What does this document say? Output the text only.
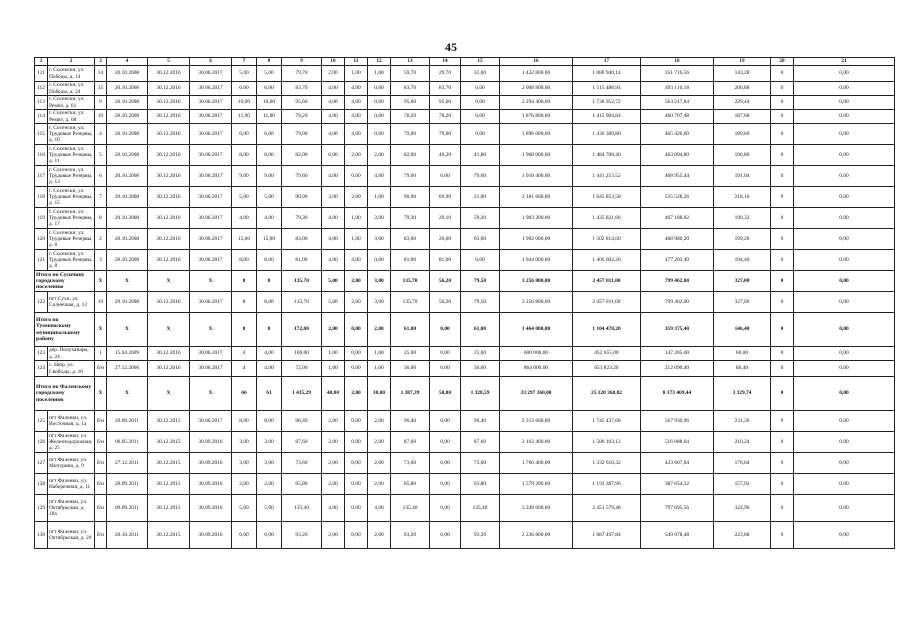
45
1	2	3	4	5	6	7	8	9	10	11	12	13	14	15	16	17	18	19	20	21
111	г. Сосенски, ул. Победы, д. 14	14	20.10.2008	30.12.2016	30.06.2017	5,00	5,00	79,70	2,00	1,00	1,00	59,70	29,70	31,00	1 432 800,00	1 080 940,14	351 716,56	143,28	0	0,00
112	г. Сосенски, ул. Победы, д. 24	15	20.10.2008	30.12.2016	30.06.2017	6,00	6,00	83,70	4,00	4,00	0,00	83,70	83,70	0,00	2 008 800,00	1 515 488,94	493 110,18	200,88	0	0,00
113	г. Сосенски, ул. Ремиз, д. 61	9	20.10.2008	30.12.2016	30.06.2017	10,00	10,00	95,60	4,00	4,00	0,00	95,60	95,60	0,00	2 294 400,00	1 730 952,72	563 217,84	229,44	0	0,00
114	г. Сосенски, ул. Ремиз, д. 68	10	20.10.2008	30.12.2016	30.06.2017	11,00	11,00	79,20	4,00	4,00	0,00	78,20	78,20	0,00	1 876 800,00	1 415 904,84	460 707,48	187,68	0	0,00
115	г. Сосенски, ул. Трудовые Резервы, д. 10	4	20.10.2008	30.12.2016	30.06.2017	6,00	6,00	79,00	4,00	4,00	0,00	79,00	79,00	0,00	1 896 000,00	1 430 389,80	465 420,60	189,60	0	0,00
116	г. Сосенски, ул. Трудовые Резервы, д. 11	5	20.10.2008	30.12.2016	30.06.2017	8,00	8,00	82,00	6,00	2,00	2,00	82,00	40,20	41,80	1 968 000,00	1 484 708,40	483 094,80	196,80	0	0,00
117	г. Сосенски, ул. Трудовые Резервы, д. 13	6	20.10.2008	30.12.2016	30.06.2017	9,00	9,00	79,60	4,00	0,00	4,00	79,60	0,00	79,60	1 910 400,00	1 441 253,52	468 955,44	191,04	0	0,00
118	г. Сосенски, ул. Трудовые Резервы, д. 15	7	20.10.2008	30.12.2016	30.06.2017	5,00	5,00	90,90	3,00	2,00	1,00	90,90	69,90	21,00	2 181 600,00	1 645 853,58	535 528,26	218,16	0	0,00
119	г. Сосенски, ул. Трудовые Резервы, д. 17	8	20.10.2008	30.12.2016	30.06.2017	4,00	4,00	79,30	4,00	1,00	3,00	79,30	20,10	59,20	1 903 200,00	1 435 821,66	467 188,02	190,32	0	0,00
120	г. Сосенски, ул. Трудовые Резервы, д. 6	2	20.10.2008	30.12.2016	30.06.2017	15,00	15,00	83,00	4,00	1,00	3,00	83,00	20,00	63,00	1 992 000,00	1 502 814,60	488 986,20	199,20	0	0,00
121	г. Сосенски, ул. Трудовые Резервы, д. 8	3	20.10.2008	30.12.2016	30.06.2017	8,00	8,00	81,00	4,00	4,00	0,00	81,00	81,00	0,00	1 944 000,00	1 466 602,20	477 203,40	194,40	0	0,00
Итого по Сусичину городскому поселению		X	X	X	X	8	8	135,70	5,00	2,00	3,00	135,70	56,20	79,50	3 256 800,00	2 457 011,00	799 462,00	327,00	0	0,00
122	пгт Сухи, ул. Солнечная, д. 12	10	29.10.2008	30.12.2016	30.06.2017	8	8,00	135,70	5,00	2,00	3,00	135,70	56,20	79,50	3 256 800,00	2 457 011,00	799 462,00	327,00	0	0,00
Итого по Тумшевскому муниципальному району		X	X	X	X	8	8	172,00	2,00	0,00	2,00	61,00	0,00	61,00	1 464 000,00	1 104 478,20	359 375,40	146,40	0	0,00
123	дер. Полуханари, д. 24	1	15.04.2009	30.12.2016	30.06.2017	4	4,00	100,00	1,00	0,00	1,00	25,00	0,00	25,00	600 000,00	452 655,00	147 285,00	60,00	0	0,00
124	с. Нюр, ул. Свободы, д. 10	б/н	27.12.2006	30.12.2016	30.06.2017	4	4,00	72,00	1,00	0,00	1,00	36,00	0,00	36,00	864 000,00	651 823,20	212 090,40	86,40	0	0,00
Итого по Фаленскому городскому поселению		X	X	X	X	66	61	1 435,29	40,00	2,00	38,00	1 387,39	58,80	1 328,59	33 297 360,00	25 120 360,82	8 173 469,44	3 329,74	0	0,00
125	пгт Фаленки, ул. Восточная, д. 1а	б/н	20.09.2011	30.12.2015	30.06.2017	8,00	8,00	96,40	2,00	0,00	2,00	96,40	0,00	96,40	2 313 600,00	1 745 437,68	567 930,96	231,36	0	0,00
126	пгт Фаленки, ул. Железнодорожная, д. 25	б/н	06.05.2011	30.12.2015	30.09.2016	3,00	3,00	87,60	2,00	0,00	2,00	87,60	0,00	87,60	2 102 400,00	1 586 103,12	516 088,64	210,24	0	0,00
127	пгт Фаленки, ул. Мичурина, д. 9	б/н	27.12.2011	30.12.2015	30.09.2016	3,00	3,00	73,60	2,00	0,00	2,00	73,60	0,00	73,60	1 766 400,00	1 332 616,32	433 607,04	176,64	0	0,00
128	пгт Фаленки, ул. Набережная, д. 11	б/н	20.09.2011	30.12.2015	30.09.2016	2,00	2,00	65,80	2,00	0,00	2,00	65,80	0,00	65,80	1 579 200,00	1 191 387,96	387 654,12	157,92	0	0,00
129	пгт Фаленки, ул. Октябрьская, д. 18а	б/н	09.09.2011	30.12.2015	30.09.2016	5,00	5,00	135,40	4,00	0,00	4,00	135,40	0,00	135,40	3 249 600,00	2 451 579,48	797 695,56	324,96	0	0,00
130	пгт Фаленки, ул. Октябрьская, д. 20	б/н	20.10.2011	30.12.2015	30.09.2016	6,00	6,00	93,20	2,00	0,00	2,00	93,20	0,00	93,20	2 236 800,00	1 687 497,84	549 078,48	223,68	0	0,00
